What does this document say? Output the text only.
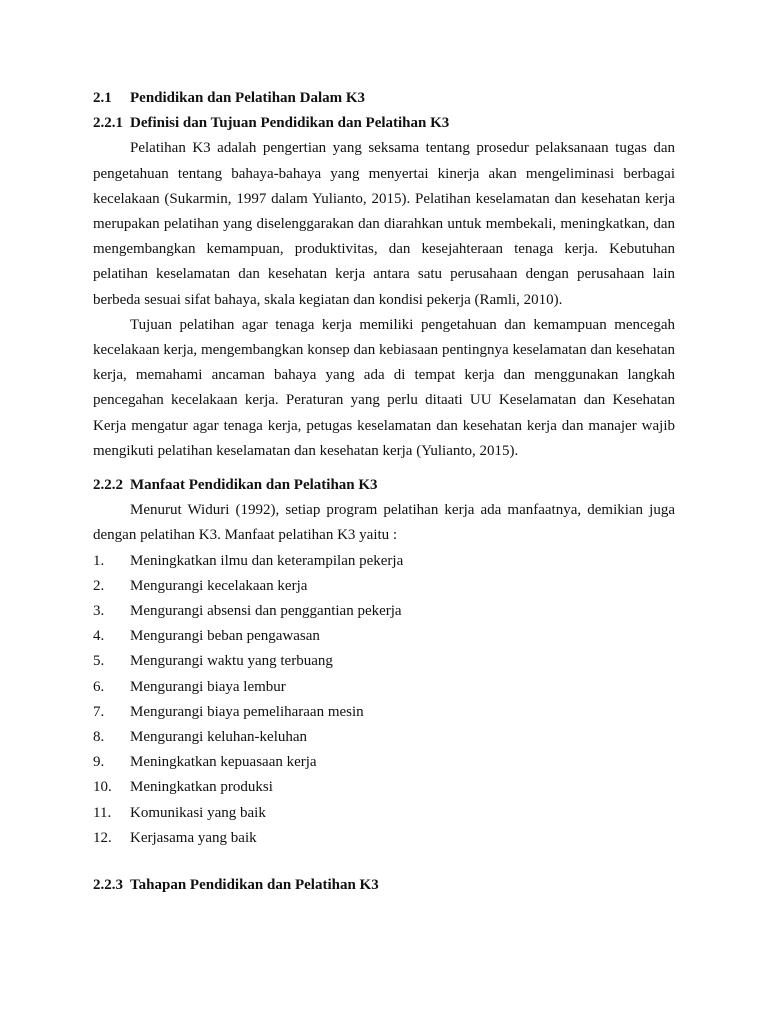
2.1	Pendidikan dan Pelatihan Dalam K3
2.2.1 Definisi dan Tujuan Pendidikan dan Pelatihan K3

Pelatihan K3 adalah pengertian yang seksama tentang prosedur pelaksanaan tugas dan pengetahuan tentang bahaya-bahaya yang menyertai kinerja akan mengeliminasi berbagai kecelakaan (Sukarmin, 1997 dalam Yulianto, 2015). Pelatihan keselamatan dan kesehatan kerja merupakan pelatihan yang diselenggarakan dan diarahkan untuk membekali, meningkatkan, dan mengembangkan kemampuan, produktivitas, dan kesejahteraan tenaga kerja. Kebutuhan pelatihan keselamatan dan kesehatan kerja antara satu perusahaan dengan perusahaan lain berbeda sesuai sifat bahaya, skala kegiatan dan kondisi pekerja (Ramli, 2010).

Tujuan pelatihan agar tenaga kerja memiliki pengetahuan dan kemampuan mencegah kecelakaan kerja, mengembangkan konsep dan kebiasaan pentingnya keselamatan dan kesehatan kerja, memahami ancaman bahaya yang ada di tempat kerja dan menggunakan langkah pencegahan kecelakaan kerja. Peraturan yang perlu ditaati UU Keselamatan dan Kesehatan Kerja mengatur agar tenaga kerja, petugas keselamatan dan kesehatan kerja dan manajer wajib mengikuti pelatihan keselamatan dan kesehatan kerja (Yulianto, 2015).

2.2.2 Manfaat Pendidikan dan Pelatihan K3

Menurut Widuri (1992), setiap program pelatihan kerja ada manfaatnya, demikian juga dengan pelatihan K3. Manfaat pelatihan K3 yaitu :

1.	Meningkatkan ilmu dan keterampilan pekerja
2.	Mengurangi kecelakaan kerja
3.	Mengurangi absensi dan penggantian pekerja
4.	Mengurangi beban pengawasan
5.	Mengurangi waktu yang terbuang
6.	Mengurangi biaya lembur
7.	Mengurangi biaya pemeliharaan mesin
8.	Mengurangi keluhan-keluhan
9.	Meningkatkan kepuasaan kerja
10.	Meningkatkan produksi
11.	Komunikasi yang baik
12.	Kerjasama yang baik
2.2.3 Tahapan Pendidikan dan Pelatihan K3
